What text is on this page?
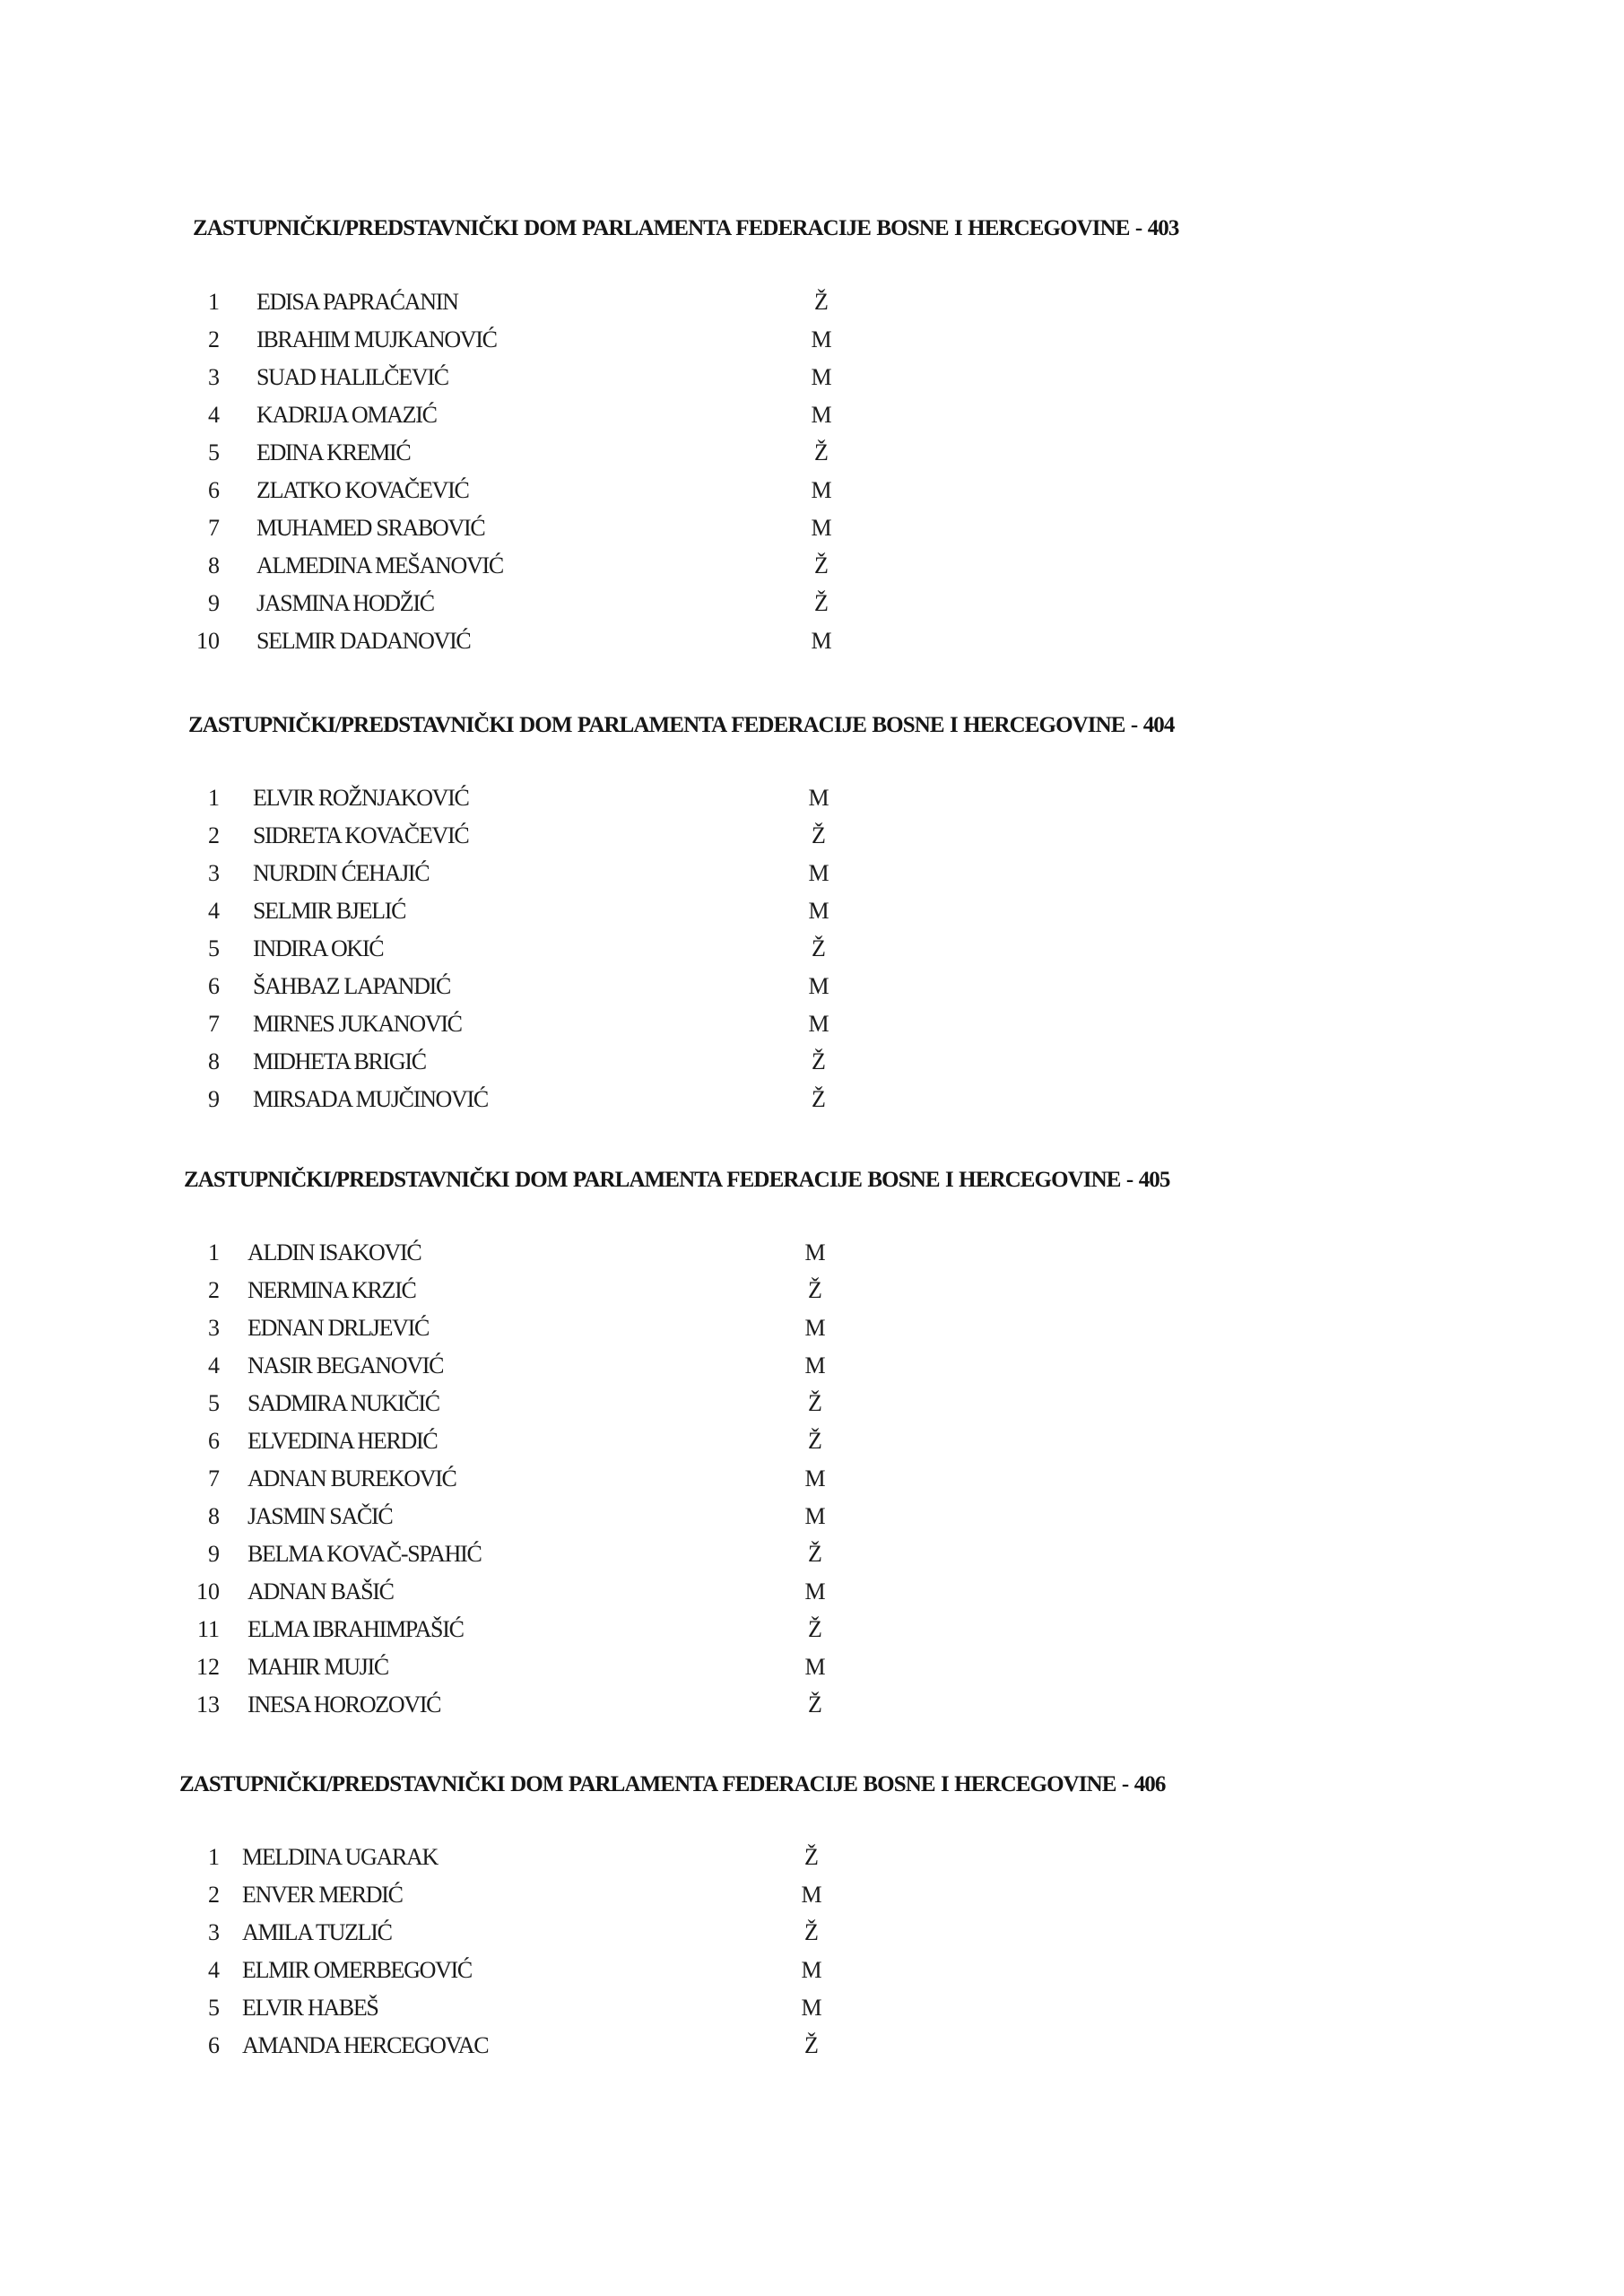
ZASTUPNIČKI/PREDSTAVNIČKI DOM PARLAMENTA FEDERACIJE BOSNE I HERCEGOVINE - 403
1 EDISA PAPRAĆANIN	Ž
2 IBRAHIM MUJKANOVIĆ	M
3 SUAD HALILČEVIĆ	M
4 KADRIJA OMAZIĆ	M
5 EDINA KREMIĆ	Ž
6 ZLATKO KOVAČEVIĆ	M
7 MUHAMED SRABOVIĆ	M
8 ALMEDINA MEŠANOVIĆ	Ž
9 JASMINA HODŽIĆ	Ž
10 SELMIR DADANOVIĆ	M
ZASTUPNIČKI/PREDSTAVNIČKI DOM PARLAMENTA FEDERACIJE BOSNE I HERCEGOVINE - 404
1 ELVIR ROŽNJAKOVIĆ	M
2 SIDRETA KOVAČEVIĆ	Ž
3 NURDIN ĆEHAJIĆ	M
4 SELMIR BJELIĆ	M
5 INDIRA OKIĆ	Ž
6 ŠAHBAZ LAPANDIĆ	M
7 MIRNES JUKANOVIĆ	M
8 MIDHETA BRIGIĆ	Ž
9 MIRSADA MUJČINOVIĆ	Ž
ZASTUPNIČKI/PREDSTAVNIČKI DOM PARLAMENTA FEDERACIJE BOSNE I HERCEGOVINE - 405
1 ALDIN ISAKOVIĆ	M
2 NERMINA KRZIĆ	Ž
3 EDNAN DRLJEVIĆ	M
4 NASIR BEGANOVIĆ	M
5 SADMIRA NUKIČIĆ	Ž
6 ELVEDINA HERDIĆ	Ž
7 ADNAN BUREKOVIĆ	M
8 JASMIN SAČIĆ	M
9 BELMA KOVAČ-SPAHIĆ	Ž
10 ADNAN BAŠIĆ	M
11 ELMA IBRAHIMPAŠIĆ	Ž
12 MAHIR MUJIĆ	M
13 INESA HOROZOVIĆ	Ž
ZASTUPNIČKI/PREDSTAVNIČKI DOM PARLAMENTA FEDERACIJE BOSNE I HERCEGOVINE - 406
1 MELDINA UGARAK	Ž
2 ENVER MERDIĆ	M
3 AMILA TUZLIĆ	Ž
4 ELMIR OMERBEGOVIĆ	M
5 ELVIR HABEŠ	M
6 AMANDA HERCEGOVAC	Ž
